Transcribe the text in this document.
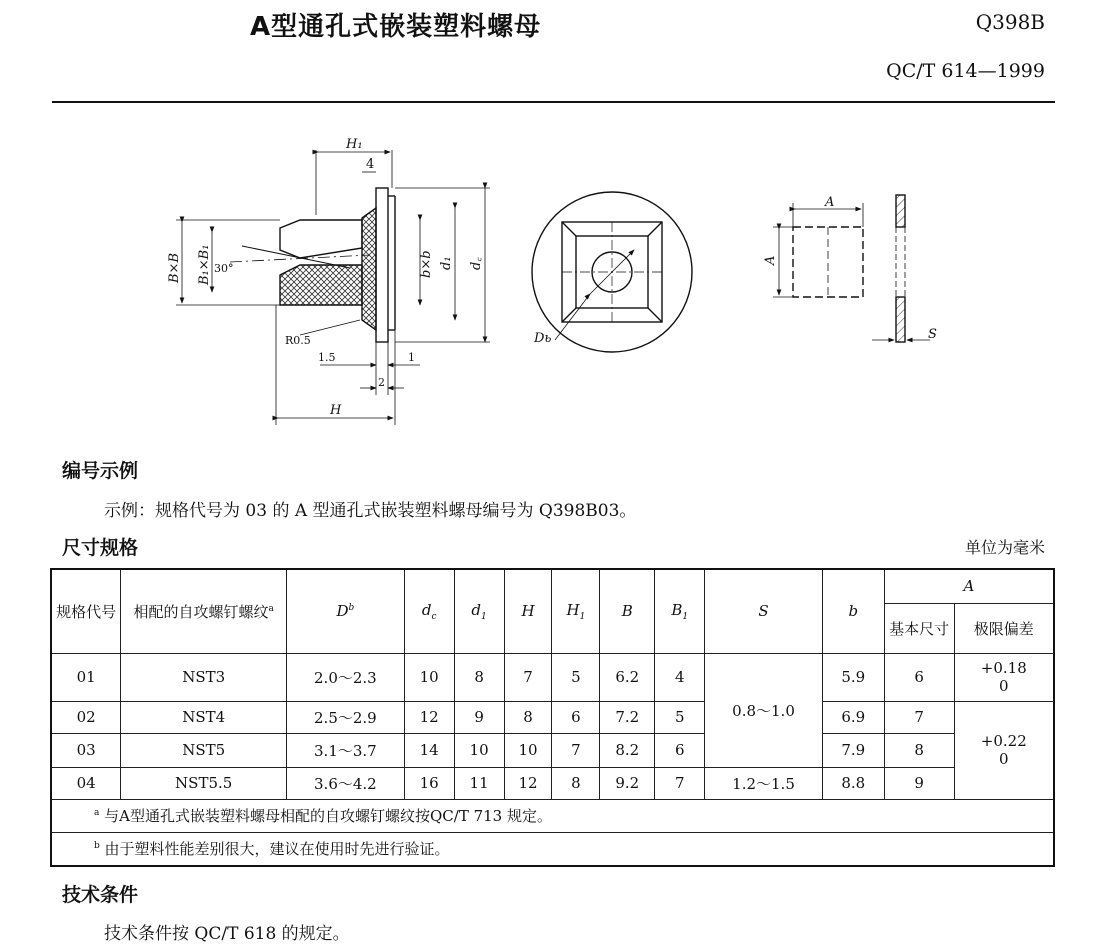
A型通孔式嵌装塑料螺母	Q398B
QC/T 614—1999
H₁
4
B×B B₁×B₁ 30°	b×b d₁ d꜀
R0.5
1.5	1
2
H
Dь
A
A
S
编号示例
示例：规格代号为 03 的 A 型通孔式嵌装塑料螺母编号为 Q398B03。
尺寸规格	单位为毫米
规格代号	相配的自攻螺钉螺纹$^a$	$D^b$	$d_c$	$d_1$	H	$H_1$	B	$B_1$	S	b	A	
											基本尺寸	极限偏差
01	NST3	2.0～2.3	10	8	7	5	6.2	4	0.8～1.0	5.9	6	+0.18
0

02	NST4	2.5～2.9	12	9	8	6	7.2	5		6.9	7	+0.22
0

03	NST5	3.1～3.7	14	10	10	7	8.2	6		7.9	8	
04	NST5.5	3.6～4.2	16	11	12	8	9.2	7	1.2～1.5	8.8	9	
$^a$ 与A型通孔式嵌装塑料螺母相配的自攻螺钉螺纹按QC/T 713 规定。												
$^b$ 由于塑料性能差别很大，建议在使用时先进行验证。												
技术条件
技术条件按 QC/T 618 的规定。
